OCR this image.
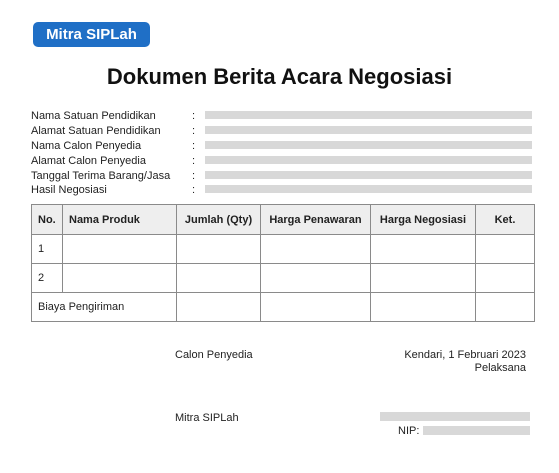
Mitra SIPLah
Dokumen Berita Acara Negosiasi
Nama Satuan Pendidikan	:
Alamat Satuan Pendidikan	:
Nama Calon Penyedia	:
Alamat Calon Penyedia	:
Tanggal Terima Barang/Jasa :
Hasil Negosiasi	:
No.	Nama Produk	Jumlah (Qty)	Harga Penawaran	Harga Negosiasi	Ket.
1					
2					
Biaya Pengiriman					
Calon Penyedia	Kendari, 1 Februari 2023
Pelaksana
Mitra SIPLah
NIP:
